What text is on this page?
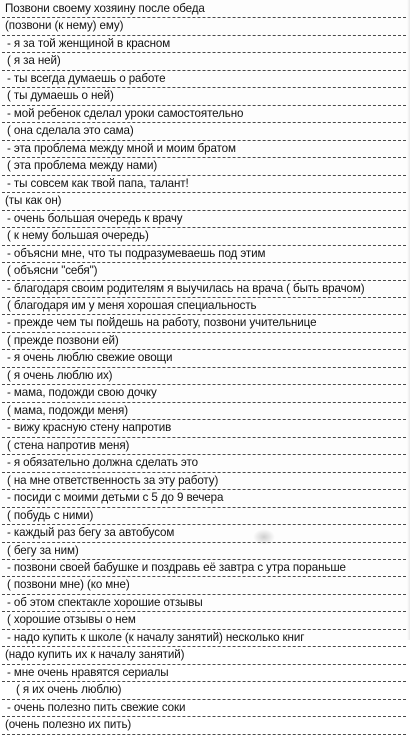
Позвони своему хозяину после обеда
(позвони (к нему) ему)
- я за той женщиной в красном
( я за ней)
- ты всегда думаешь о работе
( ты думаешь о ней)
- мой ребенок сделал уроки самостоятельно
( она сделала это сама)
- эта проблема между мной и моим братом
( эта проблема между нами)
- ты совсем как твой папа, талант!
(ты как он)
- очень большая очередь к врачу
( к нему большая очередь)
- объясни мне, что ты подразумеваешь под этим
( объясни "себя")
- благодаря своим родителям я выучилась на врача ( быть врачом)
( благодаря им у меня хорошая специальность
- прежде чем ты пойдешь на работу, позвони учительнице
( прежде позвони ей)
- я очень люблю свежие овощи
( я очень люблю их)
- мама, подожди свою дочку
( мама, подожди меня)
- вижу красную стену напротив
( стена напротив меня)
- я обязательно должна сделать это
( на мне ответственность за эту работу)
- посиди с моими детьми с 5 до 9 вечера
( побудь с ними)
- каждый раз бегу за автобусом
( бегу за ним)
- позвони своей бабушке и поздравь её завтра с утра пораньше
( позвони мне) (ко мне)
- об этом спектакле хорошие отзывы
( хорошие отзывы о нем
- надо купить к школе (к началу занятий) несколько книг
(надо купить их к началу занятий)
- мне очень нравятся сериалы
( я их очень люблю)
- очень полезно пить свежие соки
(очень полезно их пить)
